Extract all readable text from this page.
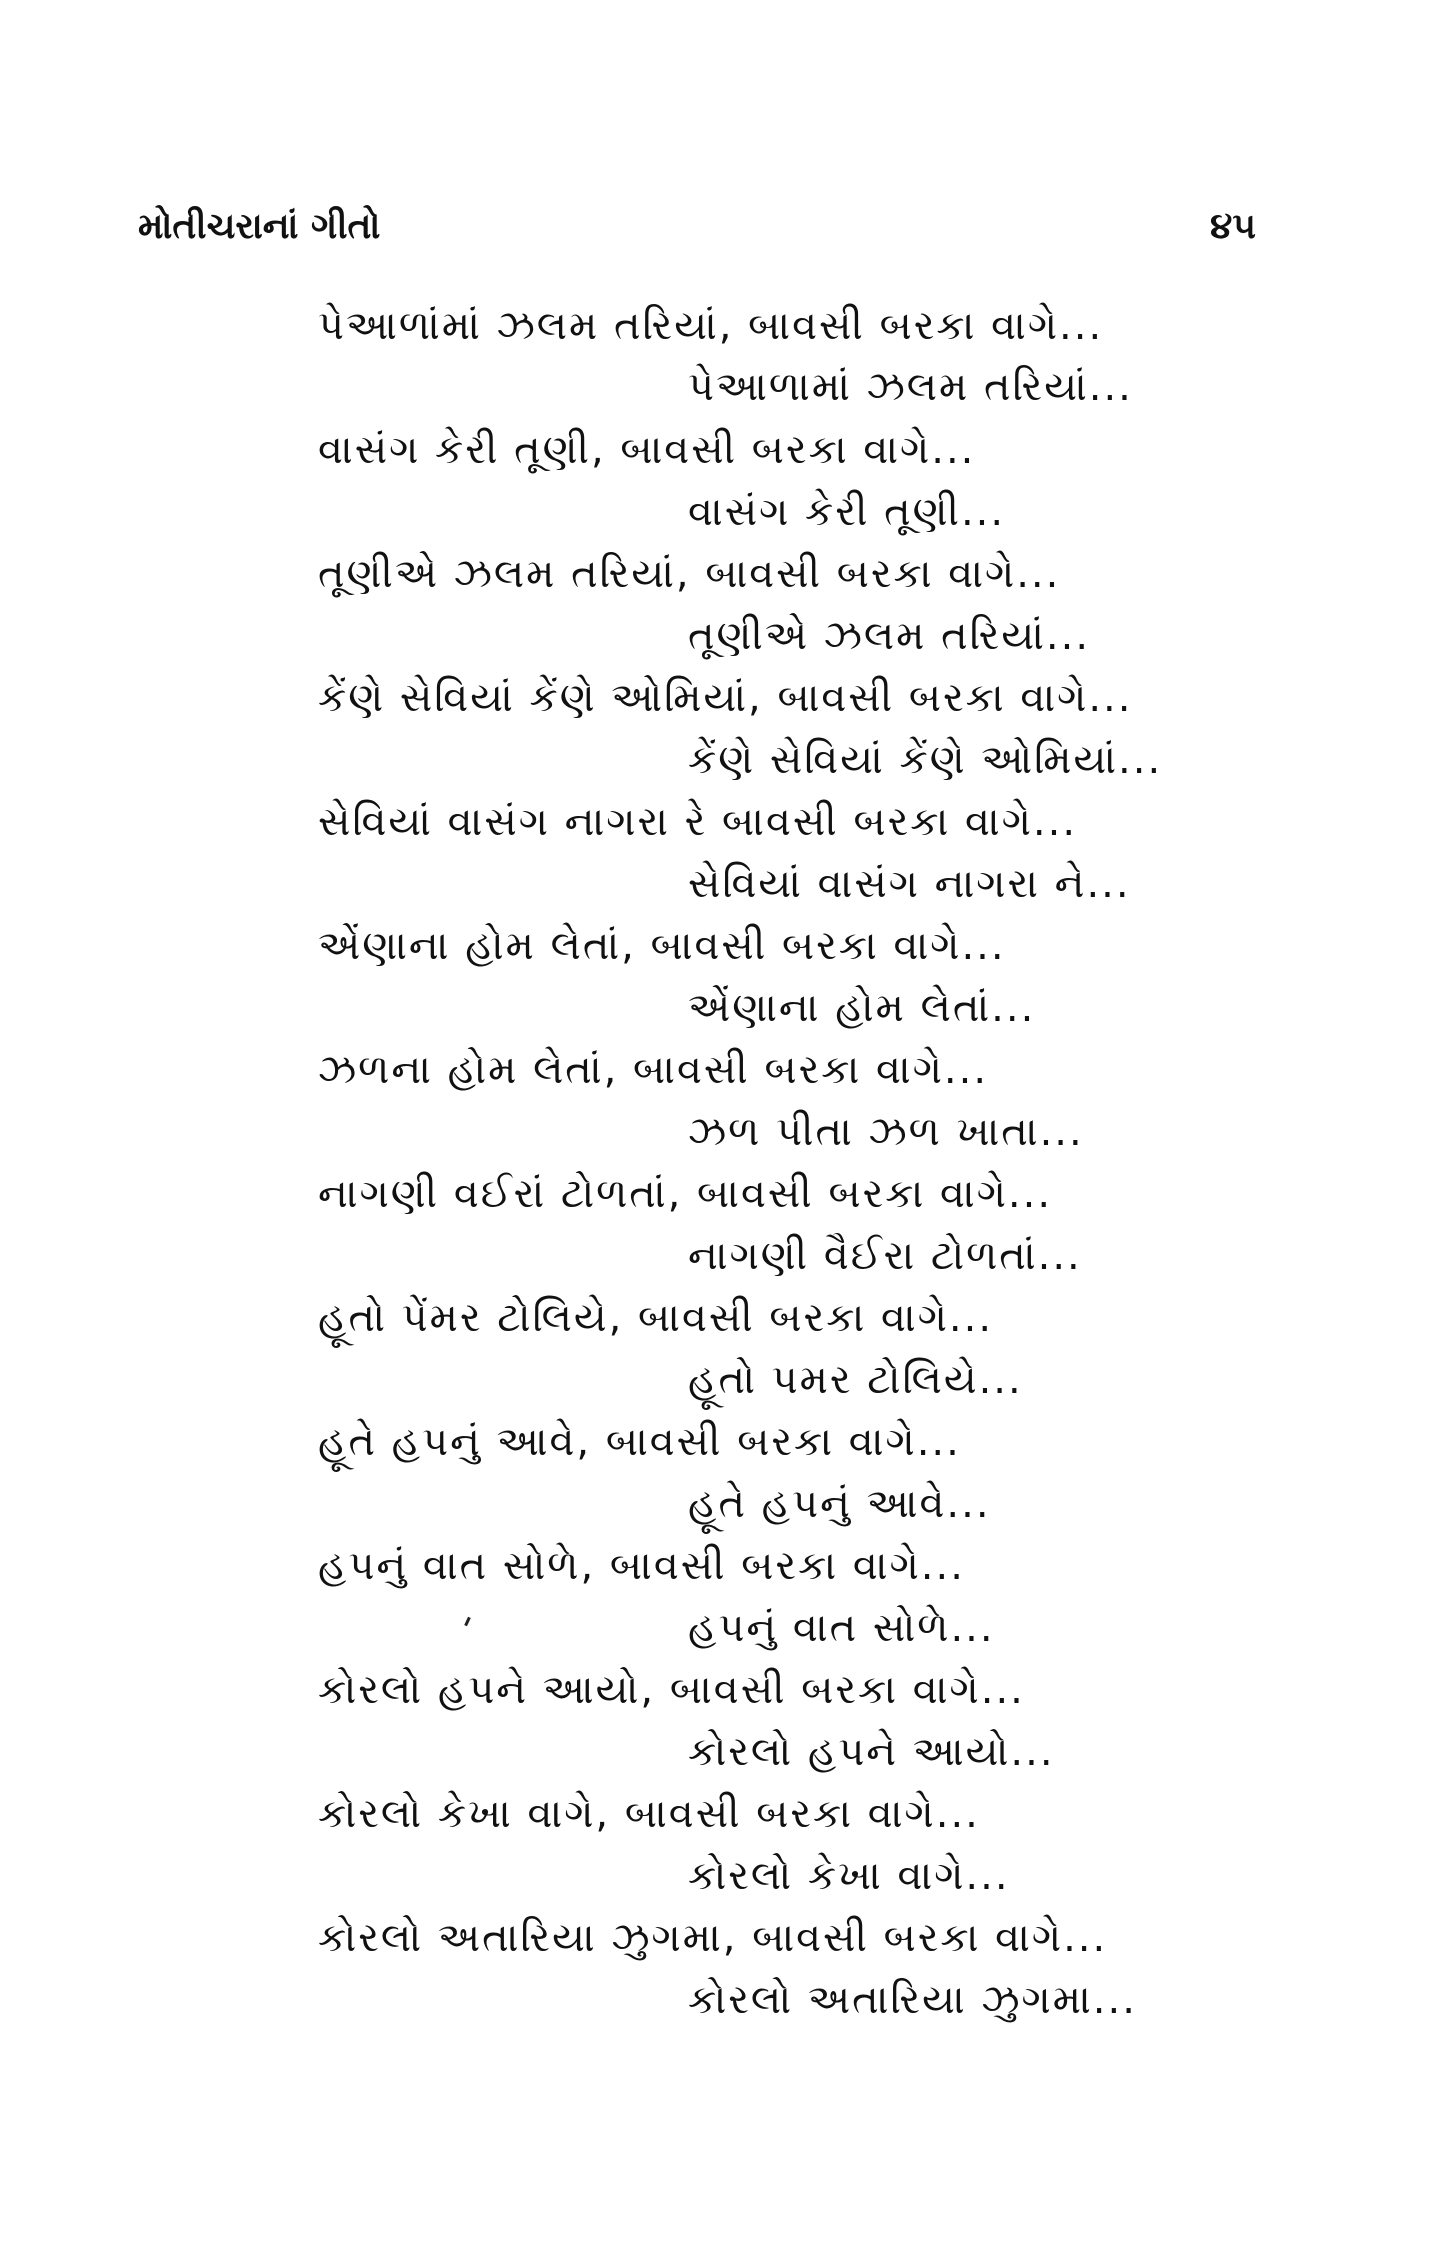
મોતીચરાનાં ગીતો	૪૫
પેઆળાંમાં ઝલમ તરિયાં, બાવસી બરકા વાગે...
પેઆળામાં ઝલમ તરિયાં...
વાસંગ કેરી તૂણી, બાવસી બરકા વાગે...
વાસંગ કેરી તૂણી...
તૂણીએ ઝલમ તરિયાં, બાવસી બરકા વાગે...
તૂણીએ ઝલમ તરિયાં...
કેંણે સેવિયાં કેંણે ઓમિયાં, બાવસી બરકા વાગે...
કેંણે સેવિયાં કેંણે ઓમિયાં...
સેવિયાં વાસંગ નાગરા રે બાવસી બરકા વાગે...
સેવિયાં વાસંગ નાગરા ને...
એંણાના હોમ લેતાં, બાવસી બરકા વાગે...
એંણાના હોમ લેતાં...
ઝળના હોમ લેતાં, બાવસી બરકા વાગે...
ઝળ પીતા ઝળ ખાતા...
નાગણી વઈરાં ટોળતાં, બાવસી બરકા વાગે...
નાગણી વૈઈરા ટોળતાં...
હૂતો પેંમર ટોલિયે, બાવસી બરકા વાગે...
હૂતો પમર ટોલિયે...
હૂતે હપનું આવે, બાવસી બરકા વાગે...
હૂતે હપનું આવે...
હપનું વાત સોળે, બાવસી બરકા વાગે...
હપનું વાત સોળે...
કોરલો હપને આયો, બાવસી બરકા વાગે...
કોરલો હપને આયો...
કોરલો કેખા વાગે, બાવસી બરકા વાગે...
કોરલો કેખા વાગે...
કોરલો અતારિયા ઝુગમા, બાવસી બરકા વાગે...
કોરલો અતારિયા ઝુગમા...
